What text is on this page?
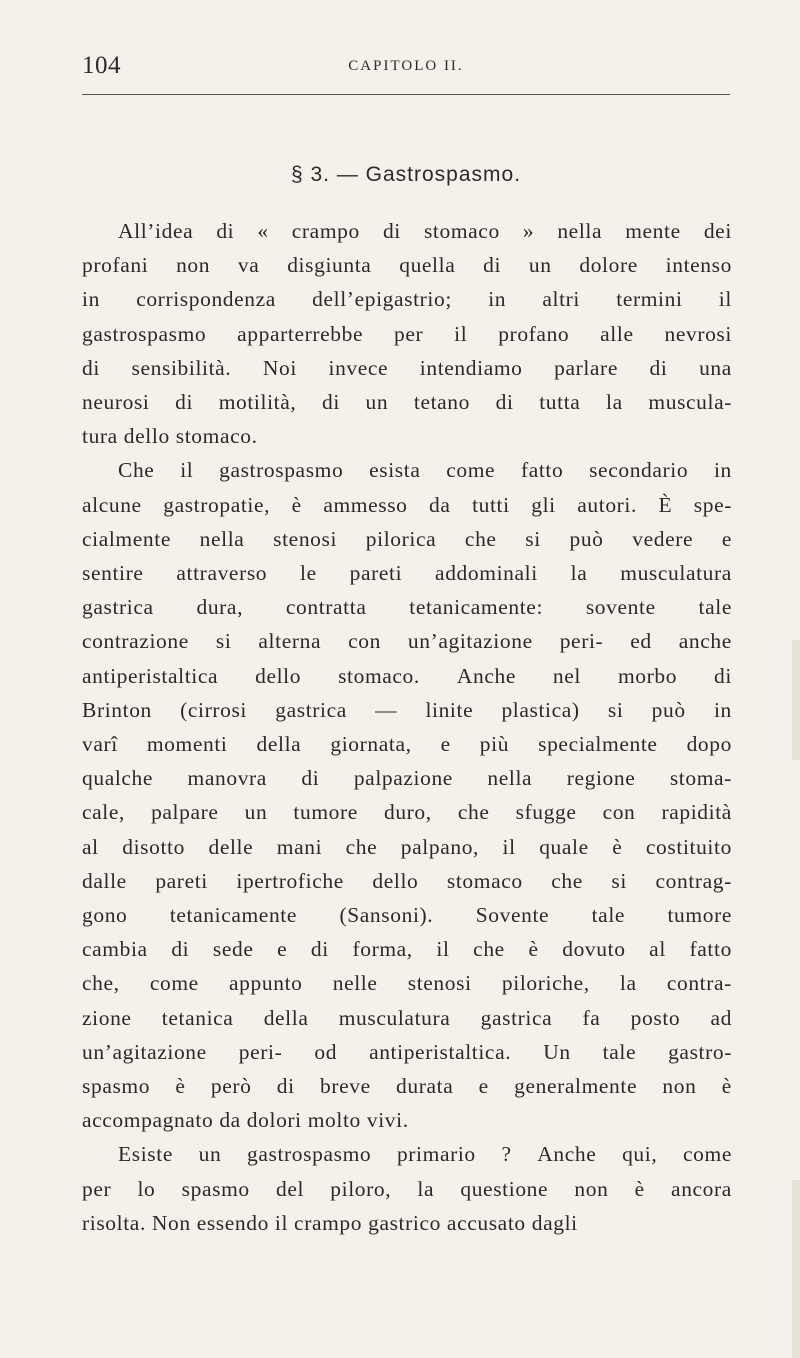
104	CAPITOLO II.
§ 3. — Gastrospasmo.

All’idea di « crampo di stomaco » nella mente dei
profani non va disgiunta quella di un dolore intenso
in corrispondenza dell’epigastrio; in altri termini il
gastrospasmo apparterrebbe per il profano alle nevrosi
di sensibilità. Noi invece intendiamo parlare di una
neurosi di motilità, di un tetano di tutta la muscula-
tura dello stomaco.

Che il gastrospasmo esista come fatto secondario in
alcune gastropatie, è ammesso da tutti gli autori. È spe-
cialmente nella stenosi pilorica che si può vedere e
sentire attraverso le pareti addominali la musculatura
gastrica dura, contratta tetanicamente: sovente tale
contrazione si alterna con un’agitazione peri- ed anche
antiperistaltica dello stomaco. Anche nel morbo di
Brinton (cirrosi gastrica — linite plastica) si può in
varî momenti della giornata, e più specialmente dopo
qualche manovra di palpazione nella regione stoma-
cale, palpare un tumore duro, che sfugge con rapidità
al disotto delle mani che palpano, il quale è costituito
dalle pareti ipertrofiche dello stomaco che si contrag-
gono tetanicamente (Sansoni). Sovente tale tumore
cambia di sede e di forma, il che è dovuto al fatto
che, come appunto nelle stenosi piloriche, la contra-
zione tetanica della musculatura gastrica fa posto ad
un’agitazione peri- od antiperistaltica. Un tale gastro-
spasmo è però di breve durata e generalmente non è
accompagnato da dolori molto vivi.

Esiste un gastrospasmo primario ? Anche qui, come
per lo spasmo del piloro, la questione non è ancora
risolta. Non essendo il crampo gastrico accusato dagli
